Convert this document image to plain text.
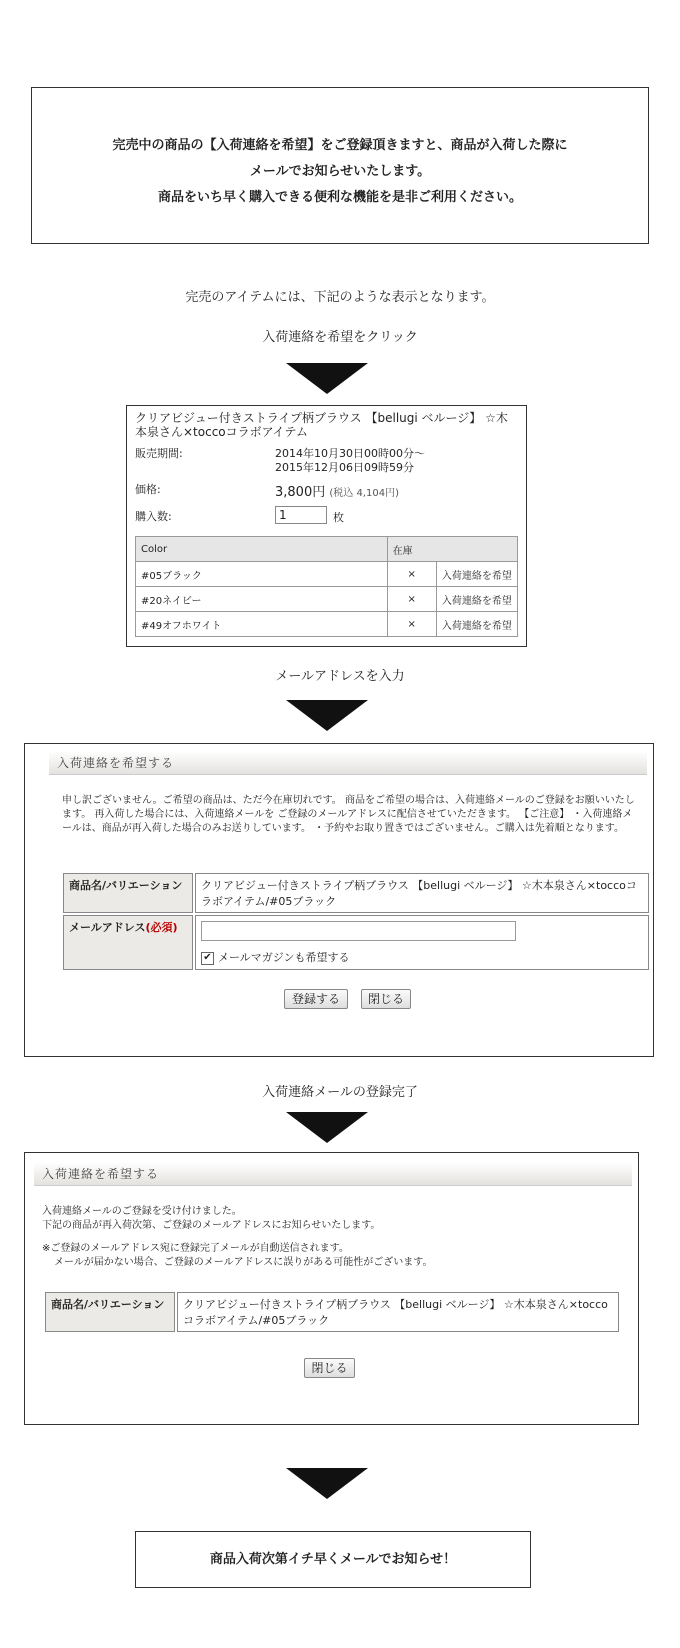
完売中の商品の【入荷連絡を希望】をご登録頂きますと、商品が入荷した際に
メールでお知らせいたします。
商品をいち早く購入できる便利な機能を是非ご利用ください。
完売のアイテムには、下記のような表示となります。
入荷連絡を希望をクリック
クリアビジュー付きストライプ柄ブラウス 【bellugi ベルージ】 ☆木本泉さん×toccoコラボアイテム
販売期間:	2014年10月30日00時00分～
2015年12月06日09時59分
価格:	3,800円 (税込 4,104円)
購入数:	1	枚
Color	在庫	
#05ブラック	×	入荷連絡を希望
#20ネイビー	×	入荷連絡を希望
#49オフホワイト	×	入荷連絡を希望
メールアドレスを入力
入荷連絡を希望する
申し訳ございません。ご希望の商品は、ただ今在庫切れです。 商品をご希望の場合は、入荷連絡メールのご登録をお願いいたします。 再入荷した場合には、入荷連絡メールを ご登録のメールアドレスに配信させていただきます。 【ご注意】 ・入荷連絡メールは、商品が再入荷した場合のみお送りしています。 ・予約やお取り置きではございません。ご購入は先着順となります。
商品名/バリエーション	クリアビジュー付きストライプ柄ブラウス 【bellugi ベルージ】 ☆木本泉さん×toccoコラボアイテム/#05ブラック
メールアドレス(必須)	✔ メールマガジンも希望する
登録する	閉じる
入荷連絡メールの登録完了
入荷連絡を希望する
入荷連絡メールのご登録を受け付けました。
下記の商品が再入荷次第、ご登録のメールアドレスにお知らせいたします。
※ご登録のメールアドレス宛に登録完了メールが自動送信されます。
メールが届かない場合、ご登録のメールアドレスに誤りがある可能性がございます。
商品名/バリエーション	クリアビジュー付きストライプ柄ブラウス 【bellugi ベルージ】 ☆木本泉さん×toccoコラボアイテム/#05ブラック
閉じる
商品入荷次第イチ早くメールでお知らせ！
